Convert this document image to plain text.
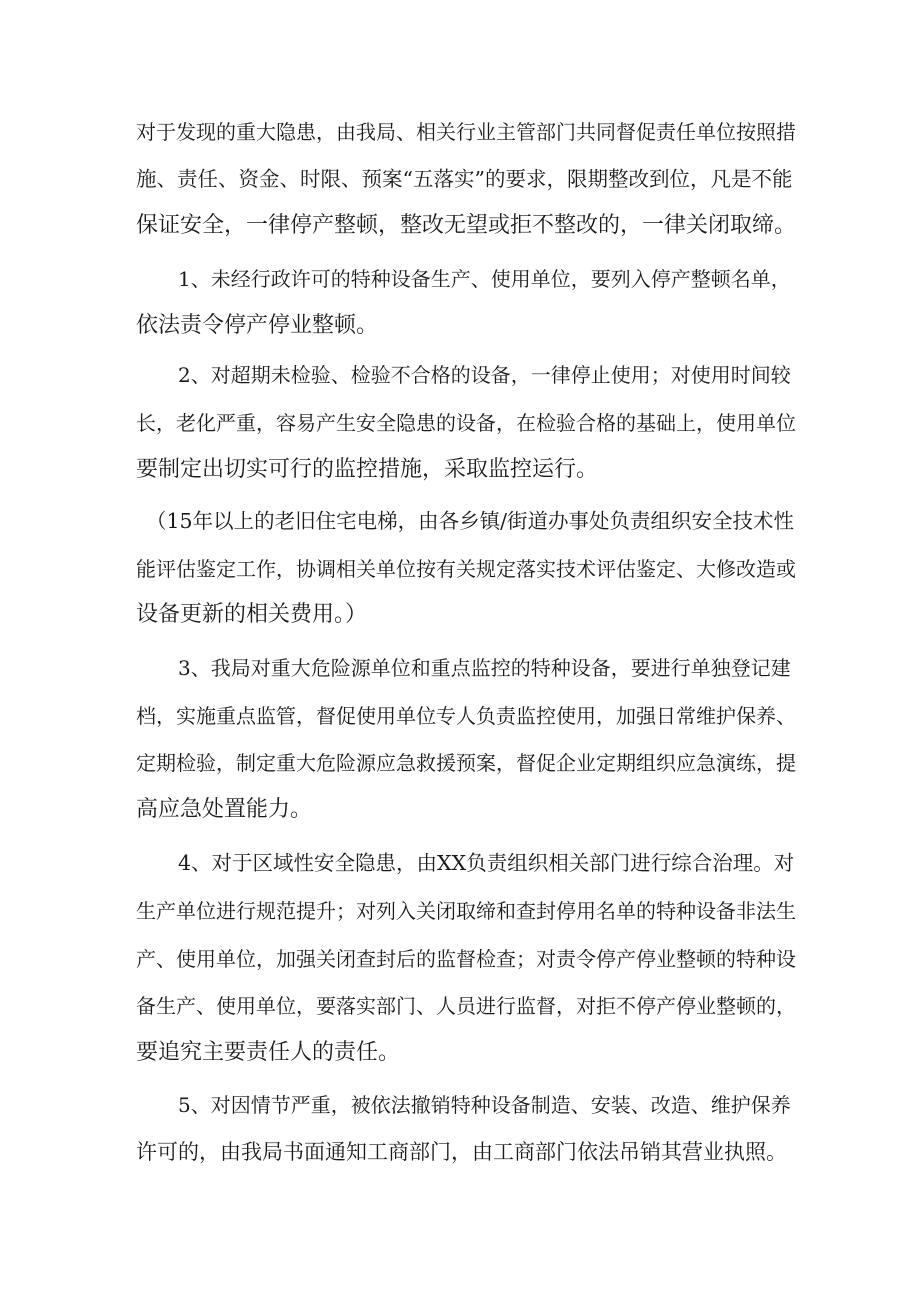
对于发现的重大隐患，由我局、相关行业主管部门共同督促责任单位按照措
施、责任、资金、时限、预案“五落实”的要求，限期整改到位，凡是不能
保证安全，一律停产整顿，整改无望或拒不整改的，一律关闭取缔。
1、未经行政许可的特种设备生产、使用单位，要列入停产整顿名单，
依法责令停产停业整顿。
2、对超期未检验、检验不合格的设备，一律停止使用；对使用时间较
长，老化严重，容易产生安全隐患的设备，在检验合格的基础上，使用单位
要制定出切实可行的监控措施，采取监控运行。
（15年以上的老旧住宅电梯，由各乡镇/街道办事处负责组织安全技术性
能评估鉴定工作，协调相关单位按有关规定落实技术评估鉴定、大修改造或
设备更新的相关费用。）
3、我局对重大危险源单位和重点监控的特种设备，要进行单独登记建
档，实施重点监管，督促使用单位专人负责监控使用，加强日常维护保养、
定期检验，制定重大危险源应急救援预案，督促企业定期组织应急演练，提
高应急处置能力。
4、对于区域性安全隐患，由XX负责组织相关部门进行综合治理。对
生产单位进行规范提升；对列入关闭取缔和查封停用名单的特种设备非法生
产、使用单位，加强关闭查封后的监督检查；对责令停产停业整顿的特种设
备生产、使用单位，要落实部门、人员进行监督，对拒不停产停业整顿的，
要追究主要责任人的责任。
5、对因情节严重，被依法撤销特种设备制造、安装、改造、维护保养
许可的，由我局书面通知工商部门，由工商部门依法吊销其营业执照。
